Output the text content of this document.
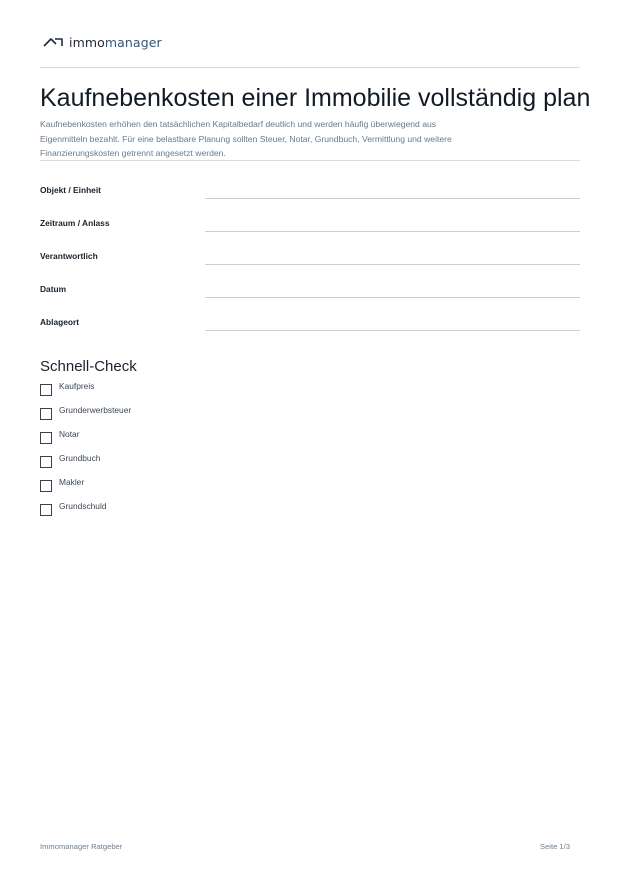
immomanager
Kaufnebenkosten einer Immobilie vollständig plan

Kaufnebenkosten erhöhen den tatsächlichen Kapitalbedarf deutlich und werden häufig überwiegend aus
Eigenmitteln bezahlt. Für eine belastbare Planung sollten Steuer, Notar, Grundbuch, Vermittlung und weitere
Finanzierungskosten getrennt angesetzt werden.

Objekt / Einheit
Zeitraum / Anlass
Verantwortlich
Datum
Ablageort
Schnell-Check
Kaufpreis
Grunderwerbsteuer
Notar
Grundbuch
Makler
Grundschuld
Immomanager Ratgeber	Seite 1/3
